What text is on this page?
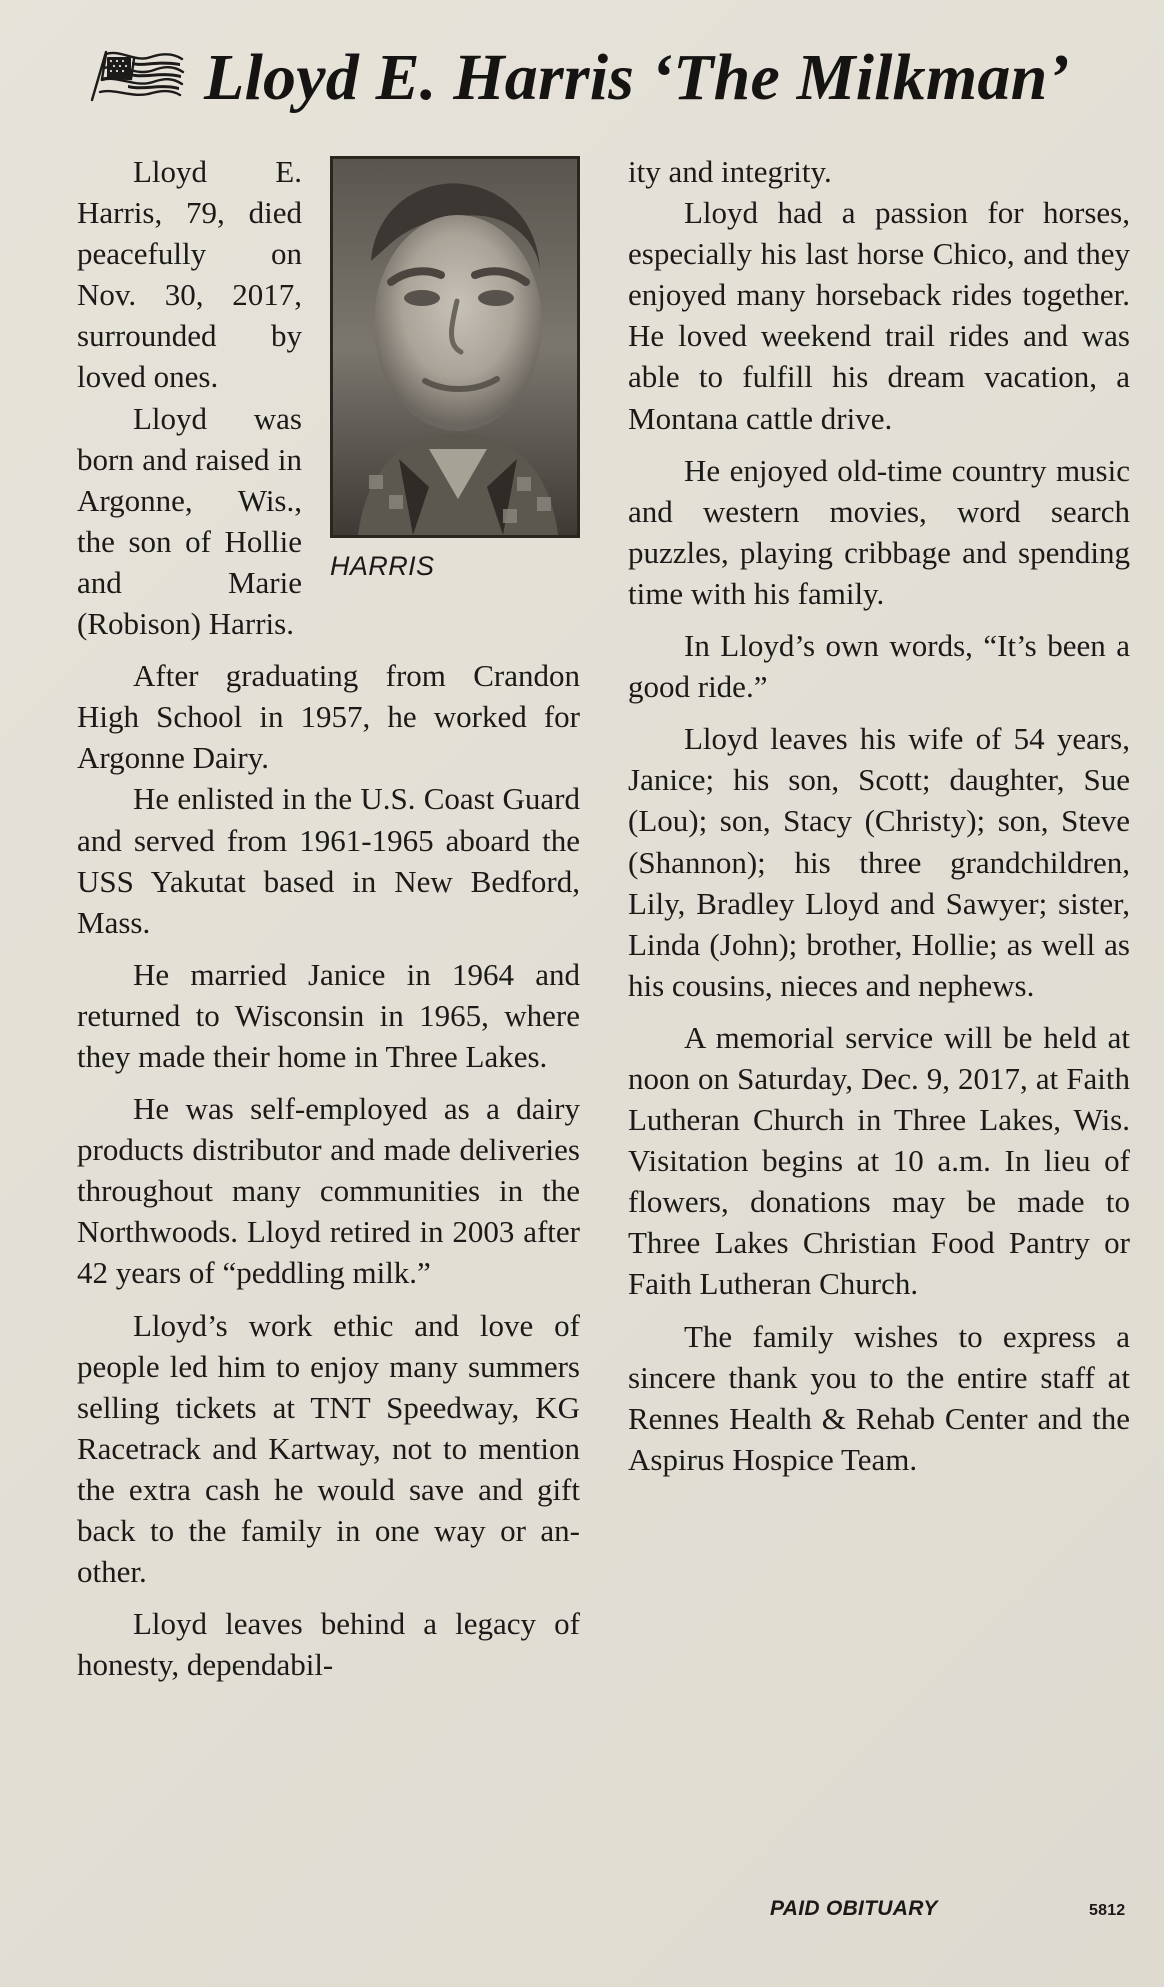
Lloyd E. Harris ‘The Milkman’
HARRIS

Lloyd E. Harris, 79, died peacefully on Nov. 30, 2017, surrounded by loved ones.

Lloyd was born and raised in Argonne, Wis., the son of Hollie and Marie (Robison) Harris.

After graduating from Crandon High School in 1957, he worked for Argonne Dairy.

He enlisted in the U.S. Coast Guard and served from 1961-1965 aboard the USS Yakutat based in New Bedford, Mass.

He married Janice in 1964 and returned to Wisconsin in 1965, where they made their home in Three Lakes.

He was self-employed as a dairy products distributor and made deliveries throughout many communities in the Northwoods. Lloyd retired in 2003 after 42 years of “peddling milk.”

Lloyd’s work ethic and love of people led him to enjoy many summers selling tickets at TNT Speedway, KG Racetrack and Kartway, not to mention the extra cash he would save and gift back to the family in one way or another.

Lloyd leaves behind a legacy of honesty, dependabil-

ity and integrity.

Lloyd had a passion for horses, especially his last horse Chico, and they enjoyed many horseback rides together. He loved weekend trail rides and was able to fulfill his dream vacation, a Montana cattle drive.

He enjoyed old-time country music and western movies, word search puzzles, playing cribbage and spending time with his family.

In Lloyd’s own words, “It’s been a good ride.”

Lloyd leaves his wife of 54 years, Janice; his son, Scott; daughter, Sue (Lou); son, Stacy (Christy); son, Steve (Shannon); his three grandchildren, Lily, Bradley Lloyd and Sawyer; sister, Linda (John); brother, Hollie; as well as his cousins, nieces and nephews.

A memorial service will be held at noon on Saturday, Dec. 9, 2017, at Faith Lutheran Church in Three Lakes, Wis. Visitation begins at 10 a.m. In lieu of flowers, donations may be made to Three Lakes Christian Food Pantry or Faith Lutheran Church.

The family wishes to express a sincere thank you to the entire staff at Rennes Health & Rehab Center and the Aspirus Hospice Team.

PAID OBITUARY	5812
